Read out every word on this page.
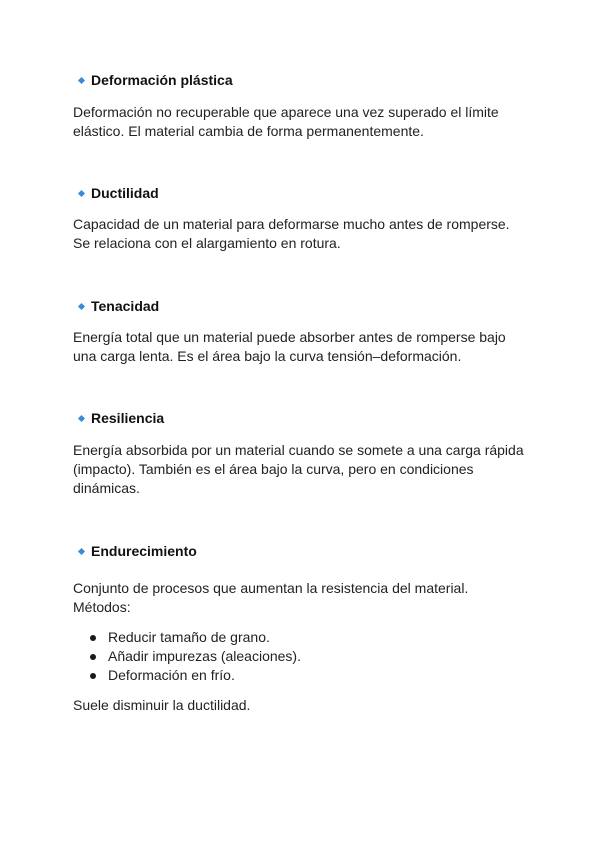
Deformación plástica
Deformación no recuperable que aparece una vez superado el límite
elástico. El material cambia de forma permanentemente.
Ductilidad
Capacidad de un material para deformarse mucho antes de romperse.
Se relaciona con el alargamiento en rotura.
Tenacidad
Energía total que un material puede absorber antes de romperse bajo
una carga lenta. Es el área bajo la curva tensión–deformación.
Resiliencia
Energía absorbida por un material cuando se somete a una carga rápida
(impacto). También es el área bajo la curva, pero en condiciones
dinámicas.
Endurecimiento
Conjunto de procesos que aumentan la resistencia del material.
Métodos:
Reducir tamaño de grano.
Añadir impurezas (aleaciones).
Deformación en frío.
Suele disminuir la ductilidad.
